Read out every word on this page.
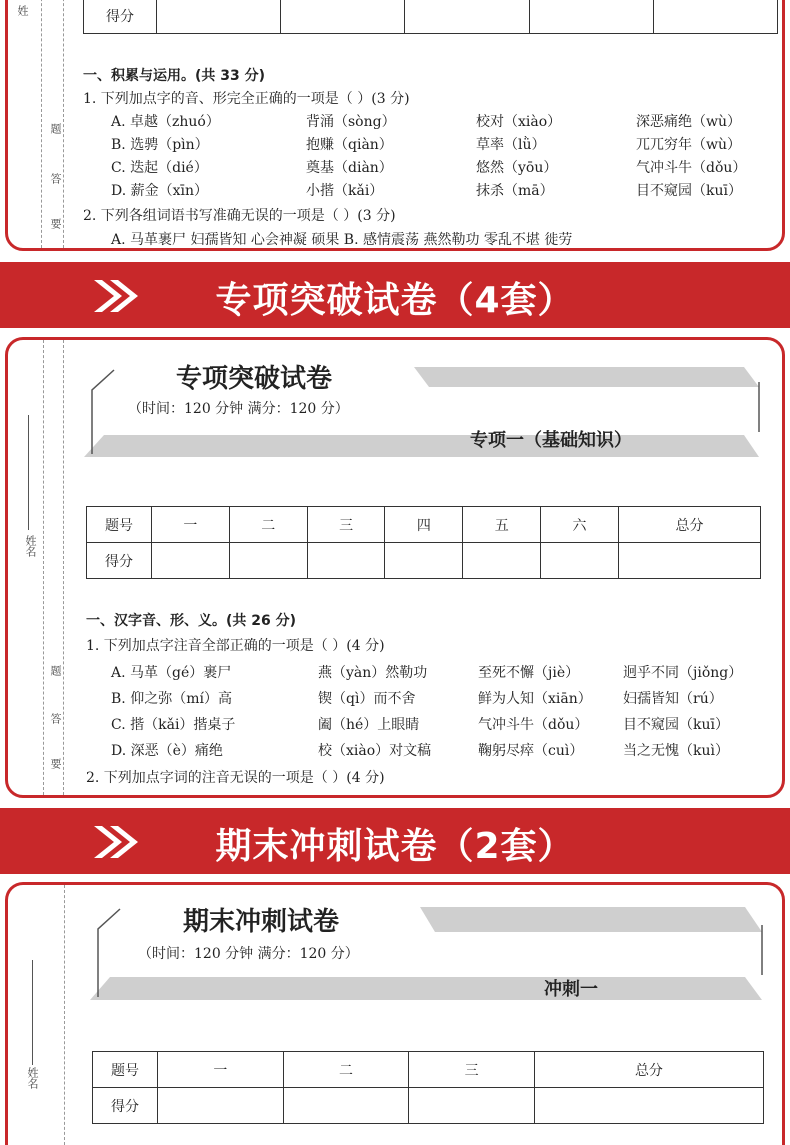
姓
题
答
要
得分					
一、积累与运用。(共 33 分)
1. 下列加点字的音、形完全正确的一项是（ ）(3 分)
A. 卓越（zhuó）	背涌（sòng）	校对（xiào）	深恶痛绝（wù）
B. 选骋（pìn）	抱赚（qiàn）	草率（lǜ）	兀兀穷年（wù）
C. 迭起（dié）	奠基（diàn）	悠然（yōu）	气冲斗牛（dǒu）
D. 薪金（xīn）	小揩（kǎi）	抹杀（mā）	目不窥园（kuī）
2. 下列各组词语书写准确无误的一项是（ ）(3 分)
A. 马革裹尸 妇孺皆知 心会神凝 硕果 B. 感情震荡 燕然勒功 零乱不堪 徙劳
专项突破试卷（4套）
姓名
题
答
要
专项突破试卷
（时间：120 分钟 满分：120 分）
专项一（基础知识）
题号	一	二	三	四	五	六	总分
得分							
一、汉字音、形、义。(共 26 分)
1. 下列加点字注音全部正确的一项是（ ）(4 分)
A. 马革（gé）裹尸	燕（yàn）然勒功	至死不懈（jiè）	迥乎不同（jiǒng）
B. 仰之弥（mí）高	锲（qì）而不舍	鲜为人知（xiān） 妇孺皆知（rú）
C. 揩（kǎi）揩桌子	阖（hé）上眼睛	气冲斗牛（dǒu） 目不窥园（kuī）
D. 深恶（è）痛绝	校（xiào）对文稿	鞠躬尽瘁（cuì）	当之无愧（kuì）
2. 下列加点字词的注音无误的一项是（ ）(4 分)
期末冲刺试卷（2套）
姓名
期末冲刺试卷
（时间：120 分钟 满分：120 分）
冲刺一
题号	一	二	三	总分
得分				
